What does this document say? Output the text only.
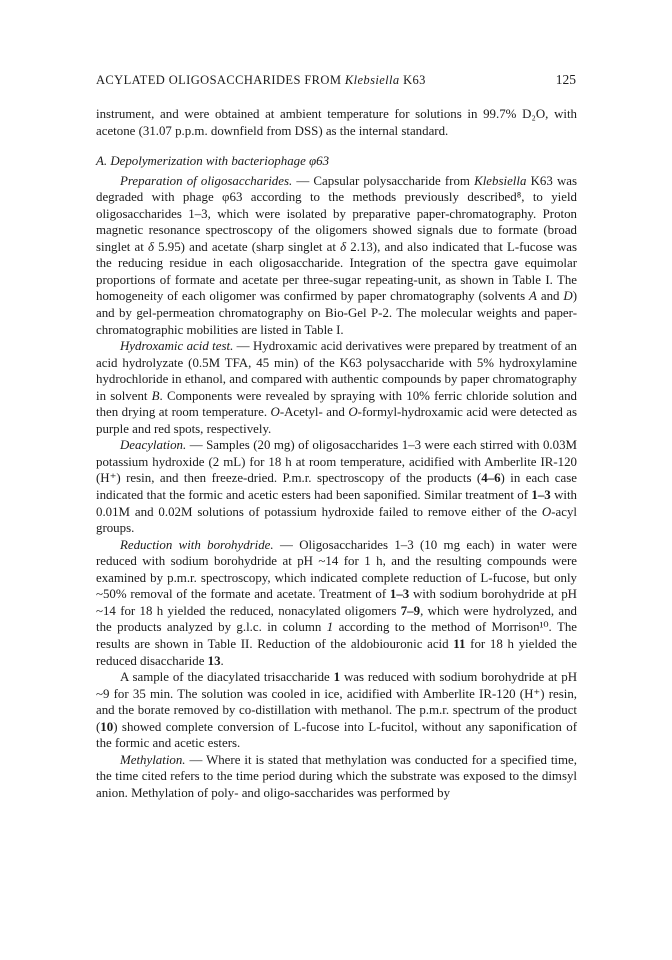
ACYLATED OLIGOSACCHARIDES FROM Klebsiella K63	125

instrument, and were obtained at ambient temperature for solutions in 99.7% D₂O, with acetone (31.07 p.p.m. downfield from DSS) as the internal standard.

A. Depolymerization with bacteriophage φ63

Preparation of oligosaccharides. — Capsular polysaccharide from Klebsiella K63 was degraded with phage φ63 according to the methods previously described⁸, to yield oligosaccharides 1–3, which were isolated by preparative paper-chromatography. Proton magnetic resonance spectroscopy of the oligomers showed signals due to formate (broad singlet at δ 5.95) and acetate (sharp singlet at δ 2.13), and also indicated that L-fucose was the reducing residue in each oligosaccharide. Integration of the spectra gave equimolar proportions of formate and acetate per three-sugar repeating-unit, as shown in Table I. The homogeneity of each oligomer was confirmed by paper chromatography (solvents A and D) and by gel-permeation chromatography on Bio-Gel P-2. The molecular weights and paper-chromatographic mobilities are listed in Table I.

Hydroxamic acid test. — Hydroxamic acid derivatives were prepared by treatment of an acid hydrolyzate (0.5M TFA, 45 min) of the K63 polysaccharide with 5% hydroxylamine hydrochloride in ethanol, and compared with authentic compounds by paper chromatography in solvent B. Components were revealed by spraying with 10% ferric chloride solution and then drying at room temperature. O-Acetyl- and O-formyl-hydroxamic acid were detected as purple and red spots, respectively.

Deacylation. — Samples (20 mg) of oligosaccharides 1–3 were each stirred with 0.03M potassium hydroxide (2 mL) for 18 h at room temperature, acidified with Amberlite IR-120 (H⁺) resin, and then freeze-dried. P.m.r. spectroscopy of the products (4–6) in each case indicated that the formic and acetic esters had been saponified. Similar treatment of 1–3 with 0.01M and 0.02M solutions of potassium hydroxide failed to remove either of the O-acyl groups.

Reduction with borohydride. — Oligosaccharides 1–3 (10 mg each) in water were reduced with sodium borohydride at pH ~14 for 1 h, and the resulting compounds were examined by p.m.r. spectroscopy, which indicated complete reduction of L-fucose, but only ~50% removal of the formate and acetate. Treatment of 1–3 with sodium borohydride at pH ~14 for 18 h yielded the reduced, nonacylated oligomers 7–9, which were hydrolyzed, and the products analyzed by g.l.c. in column 1 according to the method of Morrison¹⁰. The results are shown in Table II. Reduction of the aldobiouronic acid 11 for 18 h yielded the reduced disaccharide 13.

A sample of the diacylated trisaccharide 1 was reduced with sodium borohydride at pH ~9 for 35 min. The solution was cooled in ice, acidified with Amberlite IR-120 (H⁺) resin, and the borate removed by co-distillation with methanol. The p.m.r. spectrum of the product (10) showed complete conversion of L-fucose into L-fucitol, without any saponification of the formic and acetic esters.

Methylation. — Where it is stated that methylation was conducted for a specified time, the time cited refers to the time period during which the substrate was exposed to the dimsyl anion. Methylation of poly- and oligo-saccharides was performed by
